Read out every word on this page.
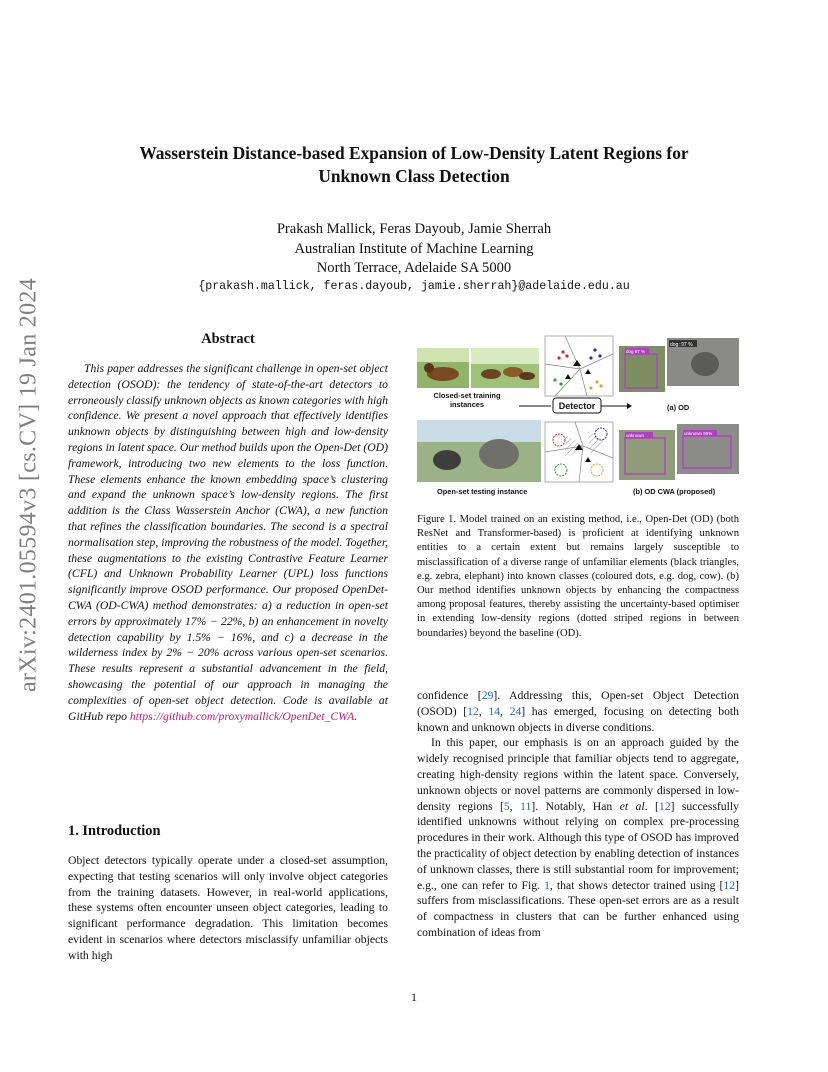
arXiv:2401.05594v3 [cs.CV] 19 Jan 2024
Wasserstein Distance-based Expansion of Low-Density Latent Regions for
Unknown Class Detection
Prakash Mallick, Feras Dayoub, Jamie Sherrah
Australian Institute of Machine Learning
North Terrace, Adelaide SA 5000
{prakash.mallick, feras.dayoub, jamie.sherrah}@adelaide.edu.au
Abstract

This paper addresses the significant challenge in open-set object detection (OSOD): the tendency of state-of-the-art detectors to erroneously classify unknown objects as known categories with high confidence. We present a novel approach that effectively identifies unknown objects by distinguishing between high and low-density regions in latent space. Our method builds upon the Open-Det (OD) framework, introducing two new elements to the loss function. These elements enhance the known embedding space’s clustering and expand the unknown space’s low-density regions. The first addition is the Class Wasserstein Anchor (CWA), a new function that refines the classification boundaries. The second is a spectral normalisation step, improving the robustness of the model. Together, these augmentations to the existing Contrastive Feature Learner (CFL) and Unknown Probability Learner (UPL) loss functions significantly improve OSOD performance. Our proposed OpenDet-CWA (OD-CWA) method demonstrates: a) a reduction in open-set errors by approximately 17% − 22%, b) an enhancement in novelty detection capability by 1.5% − 16%, and c) a decrease in the wilderness index by 2% − 20% across various open-set scenarios. These results represent a substantial advancement in the field, showcasing the potential of our approach in managing the complexities of open-set object detection. Code is available at GitHub repo https://github.com/proxymallick/OpenDet_CWA.

1. Introduction

Object detectors typically operate under a closed-set assumption, expecting that testing scenarios will only involve object categories from the training datasets. However, in real-world applications, these systems often encounter unseen object categories, leading to significant performance degradation. This limitation becomes evident in scenarios where detectors misclassify unfamiliar objects with high

dog 87 %
dog: 97 %
Closed-set training
instances	Detector	(a) OD
unknown	unknown 99%
Open-set testing instance	(b) OD CWA (proposed)
Figure 1. Model trained on an existing method, i.e., Open-Det (OD) (both ResNet and Transformer-based) is proficient at identifying unknown entities to a certain extent but remains largely susceptible to misclassification of a diverse range of unfamiliar elements (black triangles, e.g. zebra, elephant) into known classes (coloured dots, e.g. dog, cow). (b) Our method identifies unknown objects by enhancing the compactness among proposal features, thereby assisting the uncertainty-based optimiser in extending low-density regions (dotted striped regions in between boundaries) beyond the baseline (OD).

confidence [29]. Addressing this, Open-set Object Detection (OSOD) [12, 14, 24] has emerged, focusing on detecting both known and unknown objects in diverse conditions.

In this paper, our emphasis is on an approach guided by the widely recognised principle that familiar objects tend to aggregate, creating high-density regions within the latent space. Conversely, unknown objects or novel patterns are commonly dispersed in low-density regions [5, 11]. Notably, Han et al. [12] successfully identified unknowns without relying on complex pre-processing procedures in their work. Although this type of OSOD has improved the practicality of object detection by enabling detection of instances of unknown classes, there is still substantial room for improvement; e.g., one can refer to Fig. 1, that shows detector trained using [12] suffers from misclassifications. These open-set errors are as a result of compactness in clusters that can be further enhanced using combination of ideas from

1
